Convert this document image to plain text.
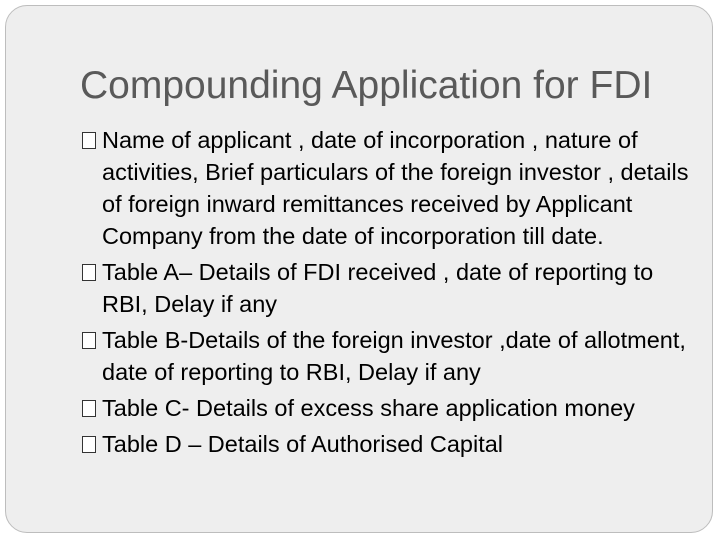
Compounding Application for FDI
Name of applicant , date of incorporation , nature of activities, Brief particulars of the foreign investor , details of foreign inward remittances received by Applicant Company from the date of incorporation till date.
Table A– Details of FDI received , date of reporting to RBI, Delay if any
Table B-Details of the foreign investor ,date of allotment, date of reporting to RBI, Delay if any
Table C- Details of excess share application money
Table D – Details of Authorised Capital
